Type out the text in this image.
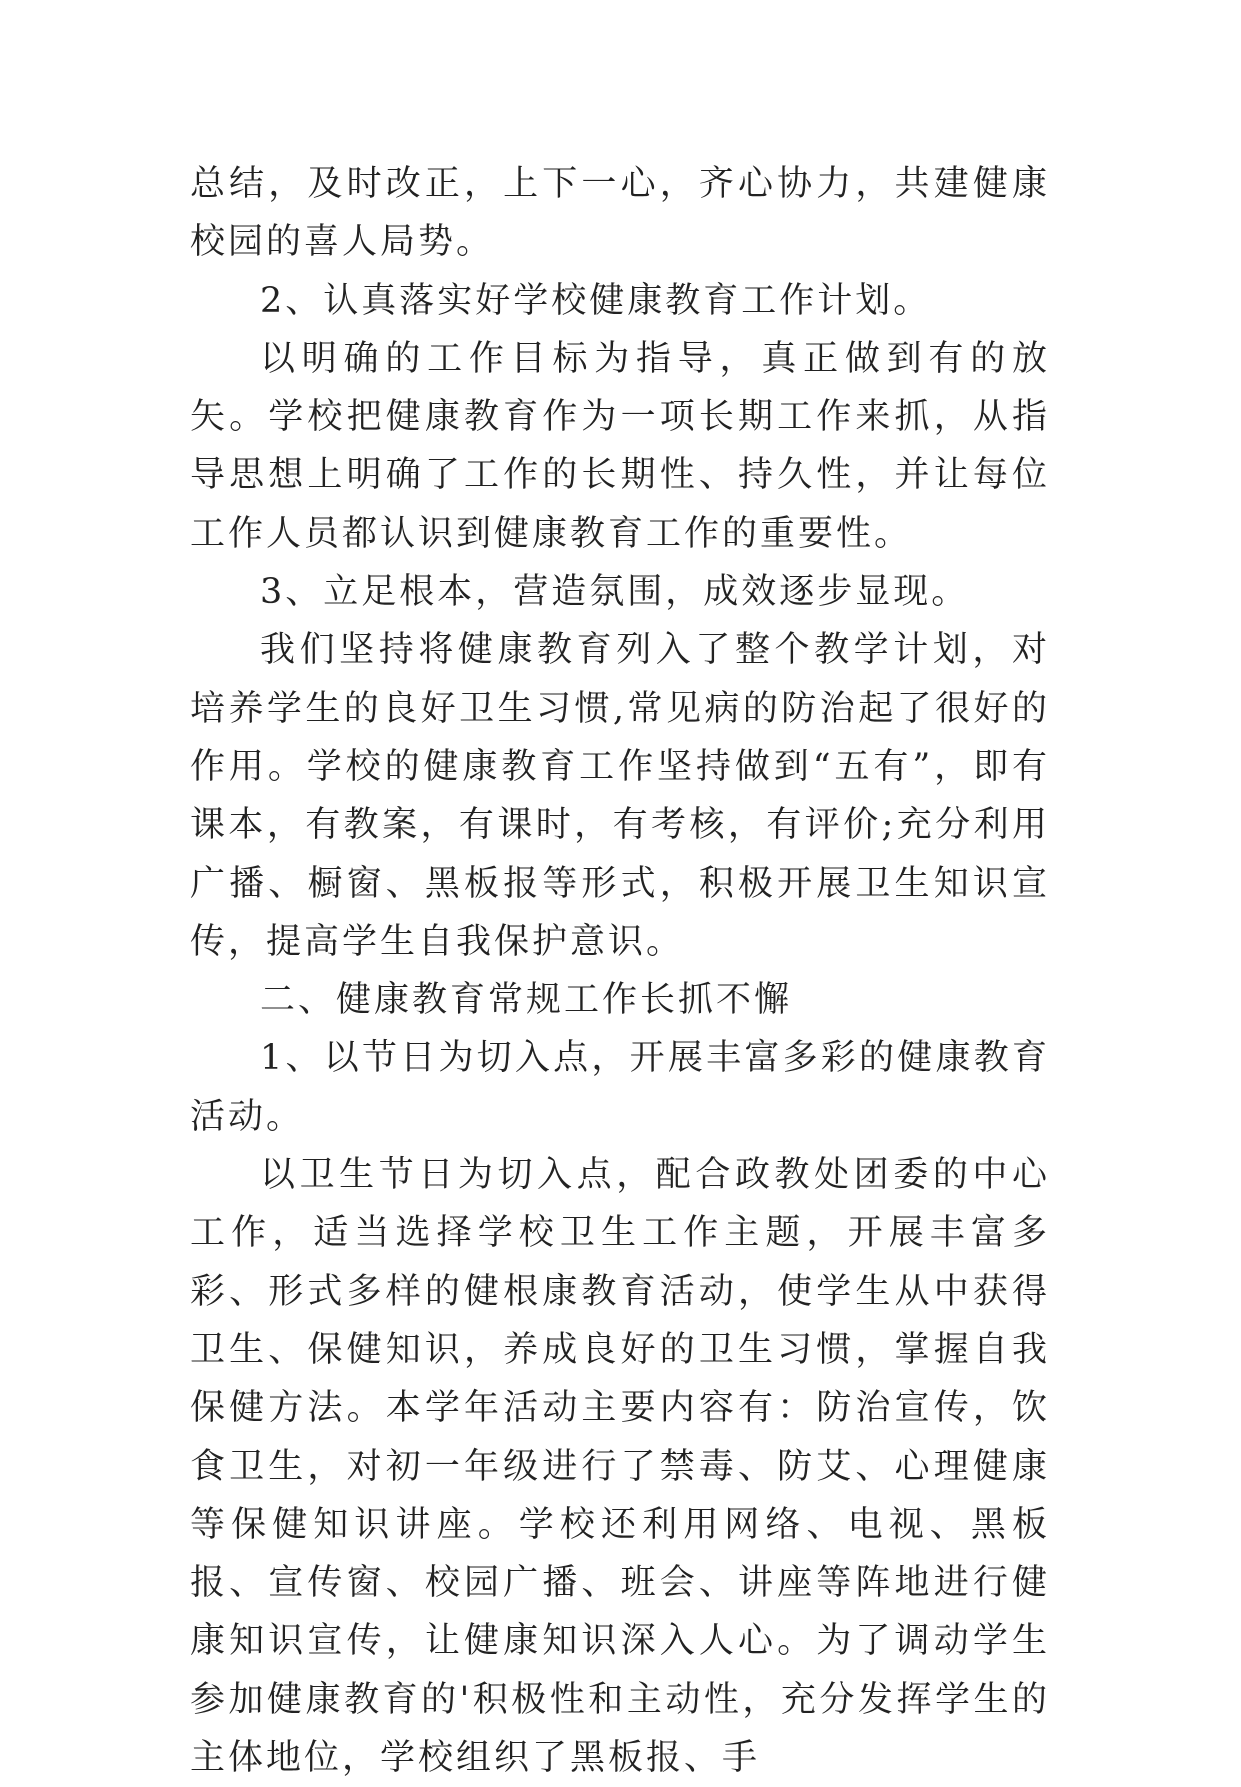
总结，及时改正，上下一心，齐心协力，共建健康校园的喜人局势。

2、认真落实好学校健康教育工作计划。

以明确的工作目标为指导，真正做到有的放矢。学校把健康教育作为一项长期工作来抓，从指导思想上明确了工作的长期性、持久性，并让每位工作人员都认识到健康教育工作的重要性。

3、立足根本，营造氛围，成效逐步显现。

我们坚持将健康教育列入了整个教学计划，对培养学生的良好卫生习惯,常见病的防治起了很好的作用。学校的健康教育工作坚持做到“五有”，即有课本，有教案，有课时，有考核，有评价;充分利用广播、橱窗、黑板报等形式，积极开展卫生知识宣传，提高学生自我保护意识。

二、健康教育常规工作长抓不懈

1、以节日为切入点，开展丰富多彩的健康教育活动。

以卫生节日为切入点，配合政教处团委的中心工作，适当选择学校卫生工作主题，开展丰富多彩、形式多样的健根康教育活动，使学生从中获得卫生、保健知识，养成良好的卫生习惯，掌握自我保健方法。本学年活动主要内容有：防治宣传，饮食卫生，对初一年级进行了禁毒、防艾、心理健康等保健知识讲座。学校还利用网络、电视、黑板报、宣传窗、校园广播、班会、讲座等阵地进行健康知识宣传，让健康知识深入人心。为了调动学生参加健康教育的'积极性和主动性，充分发挥学生的主体地位，学校组织了黑板报、手
